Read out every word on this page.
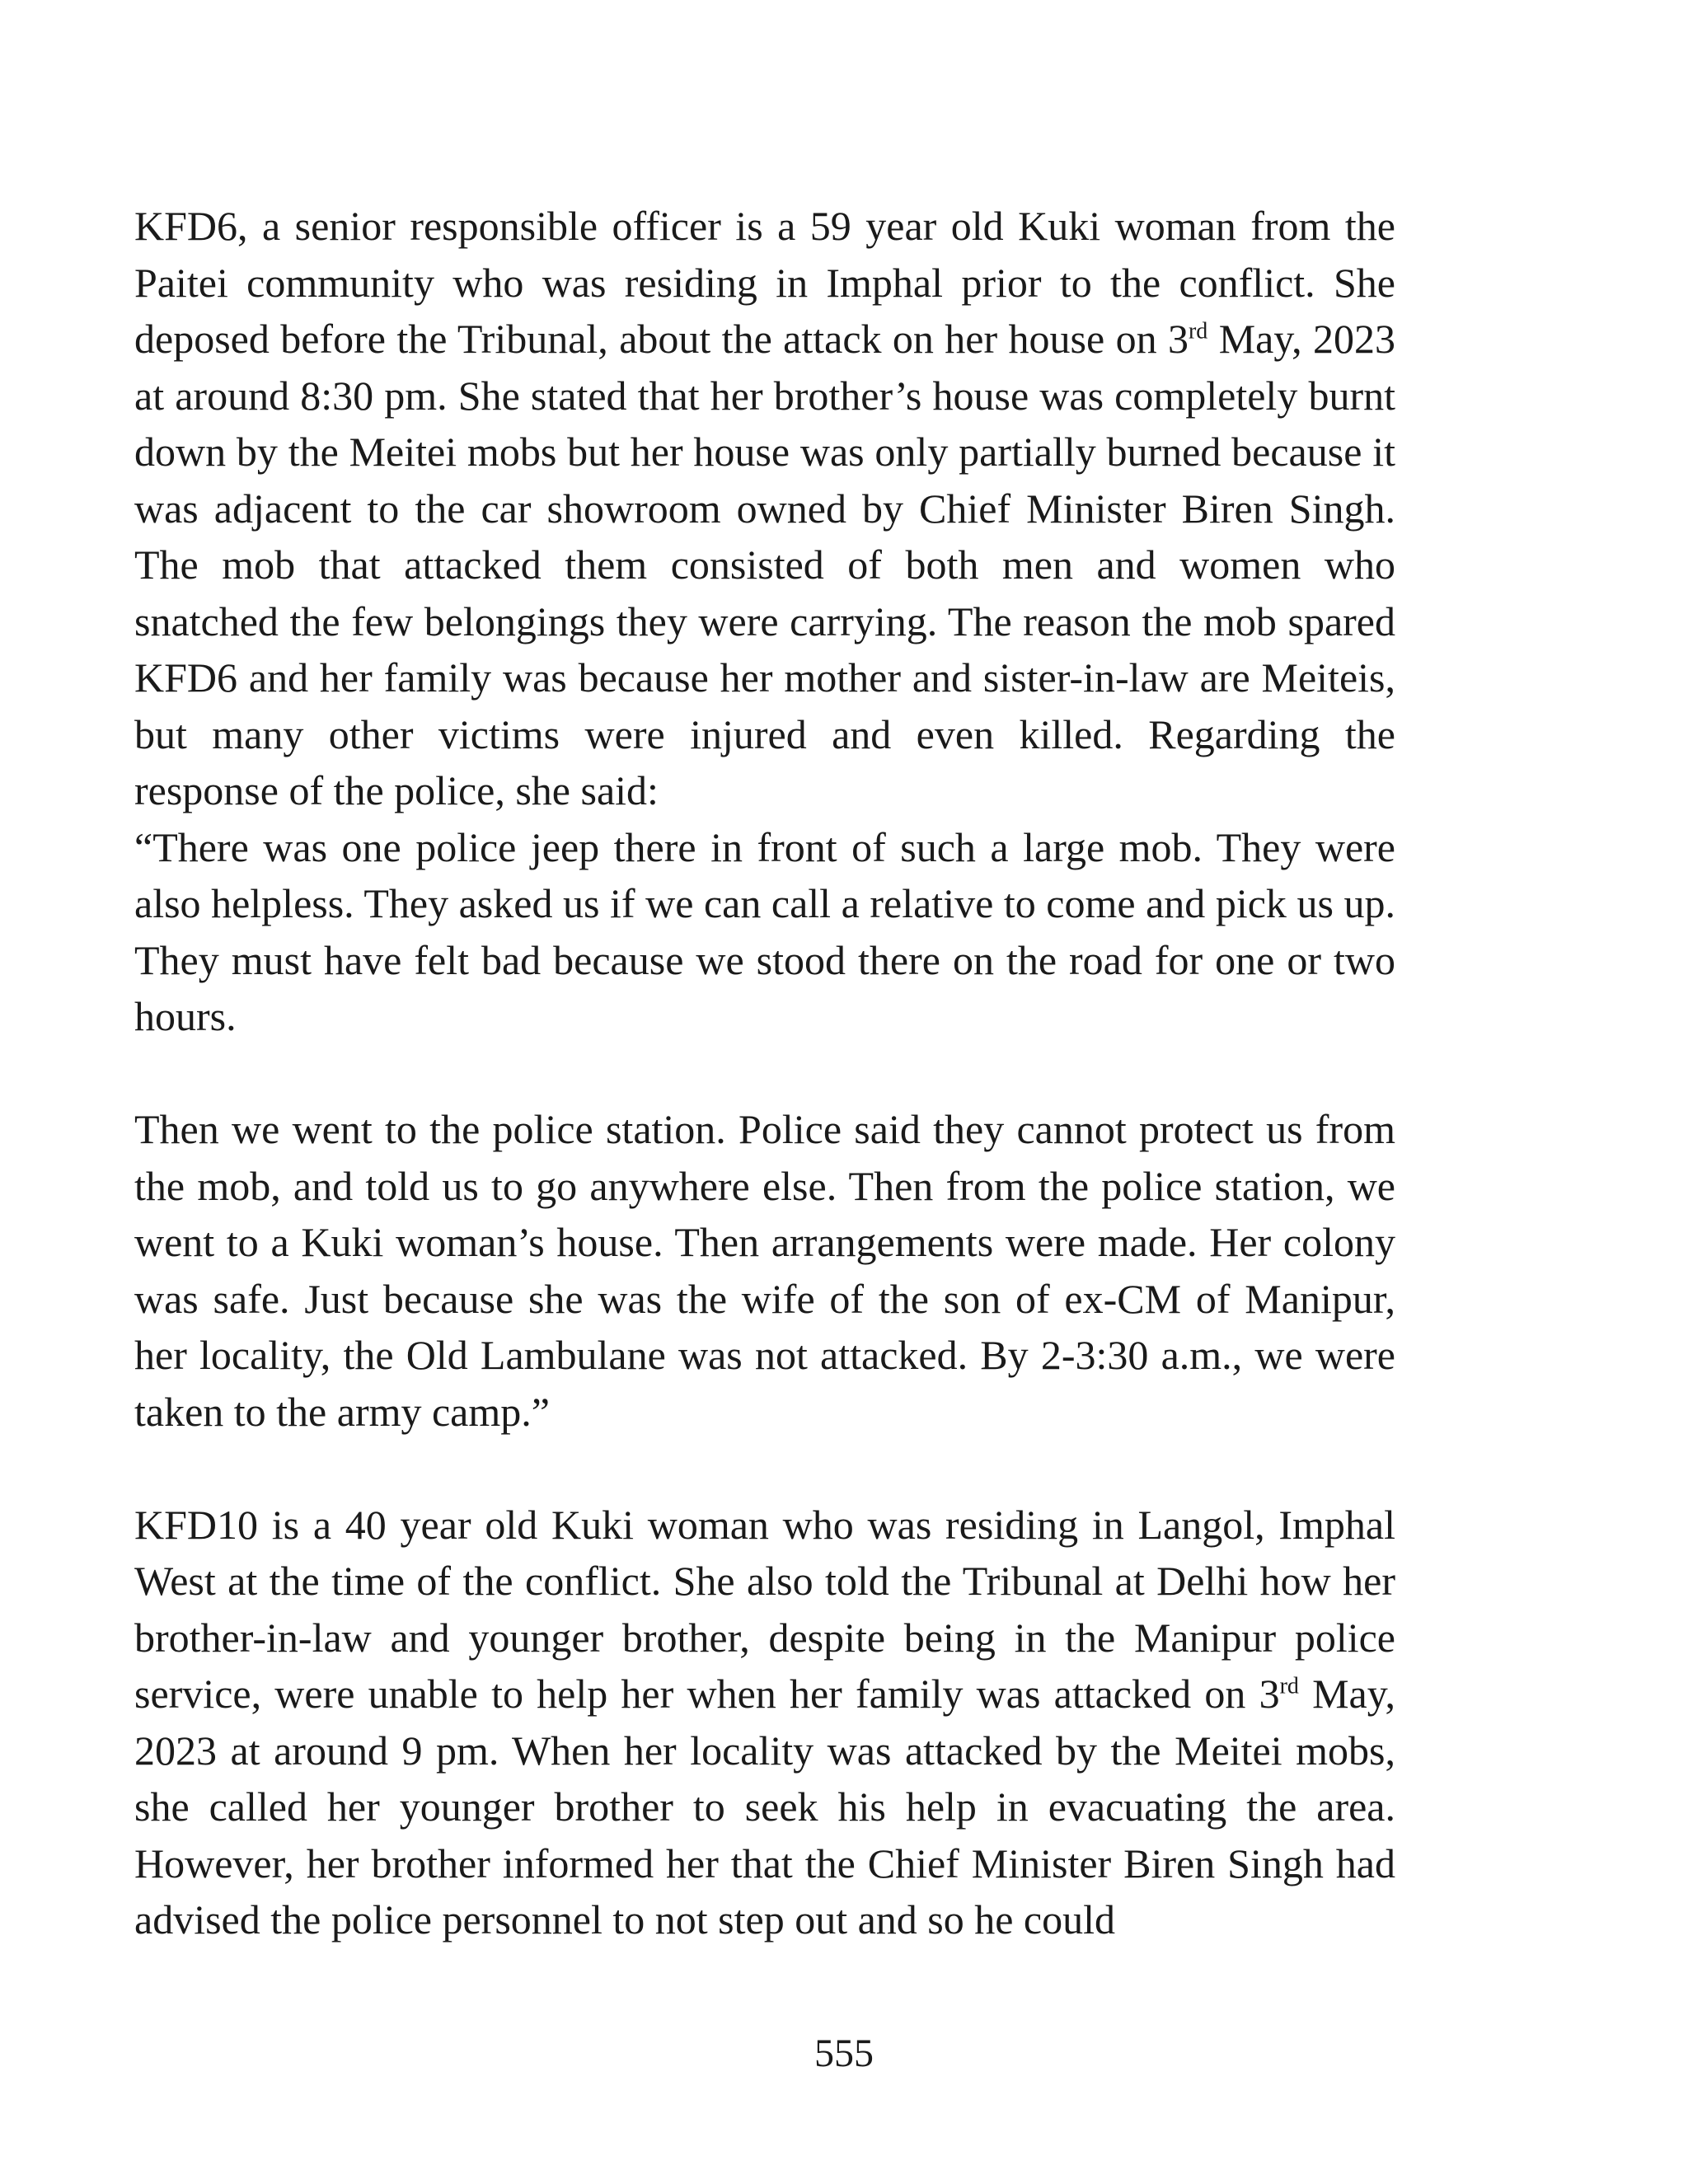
KFD6, a senior responsible officer is a 59 year old Kuki woman from the Paitei community who was residing in Imphal prior to the conflict. She deposed before the Tribunal, about the attack on her house on 3rd May, 2023 at around 8:30 pm. She stated that her brother’s house was completely burnt down by the Meitei mobs but her house was only partially burned because it was adjacent to the car showroom owned by Chief Minister Biren Singh. The mob that attacked them consisted of both men and women who snatched the few belongings they were carrying. The reason the mob spared KFD6 and her family was because her mother and sister-in-law are Meiteis, but many other victims were injured and even killed. Regarding the response of the police, she said:

“There was one police jeep there in front of such a large mob. They were also helpless. They asked us if we can call a relative to come and pick us up. They must have felt bad because we stood there on the road for one or two hours.

Then we went to the police station. Police said they cannot protect us from the mob, and told us to go anywhere else. Then from the police station, we went to a Kuki woman’s house. Then arrangements were made. Her colony was safe. Just because she was the wife of the son of ex-CM of Manipur, her locality, the Old Lambulane was not attacked. By 2-3:30 a.m., we were taken to the army camp.”

KFD10 is a 40 year old Kuki woman who was residing in Langol, Imphal West at the time of the conflict. She also told the Tribunal at Delhi how her brother-in-law and younger brother, despite being in the Manipur police service, were unable to help her when her family was attacked on 3rd May, 2023 at around 9 pm. When her locality was attacked by the Meitei mobs, she called her younger brother to seek his help in evacuating the area. However, her brother informed her that the Chief Minister Biren Singh had advised the police personnel to not step out and so he could

555
